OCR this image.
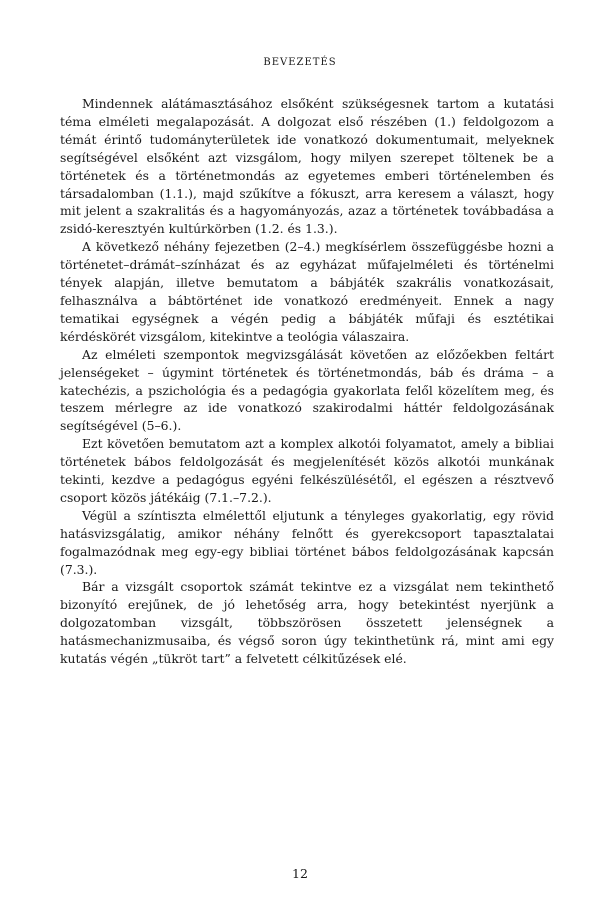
BEVEZETÉS

Mindennek alátámasztásához elsőként szükségesnek tartom a kutatási téma elméleti megalapozását. A dolgozat első részében (1.) feldolgozom a témát érintő tudományterületek ide vonatkozó dokumentumait, melyeknek segítségével elsőként azt vizsgálom, hogy milyen szerepet töltenek be a történetek és a történetmondás az egyetemes emberi történelemben és társadalomban (1.1.), majd szűkítve a fókuszt, arra keresem a választ, hogy mit jelent a szakralitás és a hagyományozás, azaz a történetek továbbadása a zsidó-keresztyén kultúrkörben (1.2. és 1.3.).

A következő néhány fejezetben (2–4.) megkísérlem összefüggésbe hozni a történetet–drámát–színházat és az egyházat műfajelméleti és történelmi tények alapján, illetve bemutatom a bábjáték szakrális vonatkozásait, felhasználva a bábtörténet ide vonatkozó eredményeit. Ennek a nagy tematikai egységnek a végén pedig a bábjáték műfaji és esztétikai kérdéskörét vizsgálom, kitekintve a teológia válaszaira.

Az elméleti szempontok megvizsgálását követően az előzőekben feltárt jelenségeket – úgymint történetek és történetmondás, báb és dráma – a katechézis, a pszichológia és a pedagógia gyakorlata felől közelítem meg, és teszem mérlegre az ide vonatkozó szakirodalmi háttér feldolgozásának segítségével (5–6.).

Ezt követően bemutatom azt a komplex alkotói folyamatot, amely a bibliai történetek bábos feldolgozását és megjelenítését közös alkotói munkának tekinti, kezdve a pedagógus egyéni felkészülésétől, el egészen a résztvevő csoport közös játékáig (7.1.–7.2.).

Végül a színtiszta elmélettől eljutunk a tényleges gyakorlatig, egy rövid hatásvizsgálatig, amikor néhány felnőtt és gyerekcsoport tapasztalatai fogalmazódnak meg egy-egy bibliai történet bábos feldolgozásának kapcsán (7.3.).

Bár a vizsgált csoportok számát tekintve ez a vizsgálat nem tekinthető bizonyító erejűnek, de jó lehetőség arra, hogy betekintést nyerjünk a dolgozatomban vizsgált, többszörösen összetett jelenségnek a hatásmechanizmusaiba, és végső soron úgy tekinthetünk rá, mint ami egy kutatás végén „tükröt tart” a felvetett célkitűzések elé.

12
